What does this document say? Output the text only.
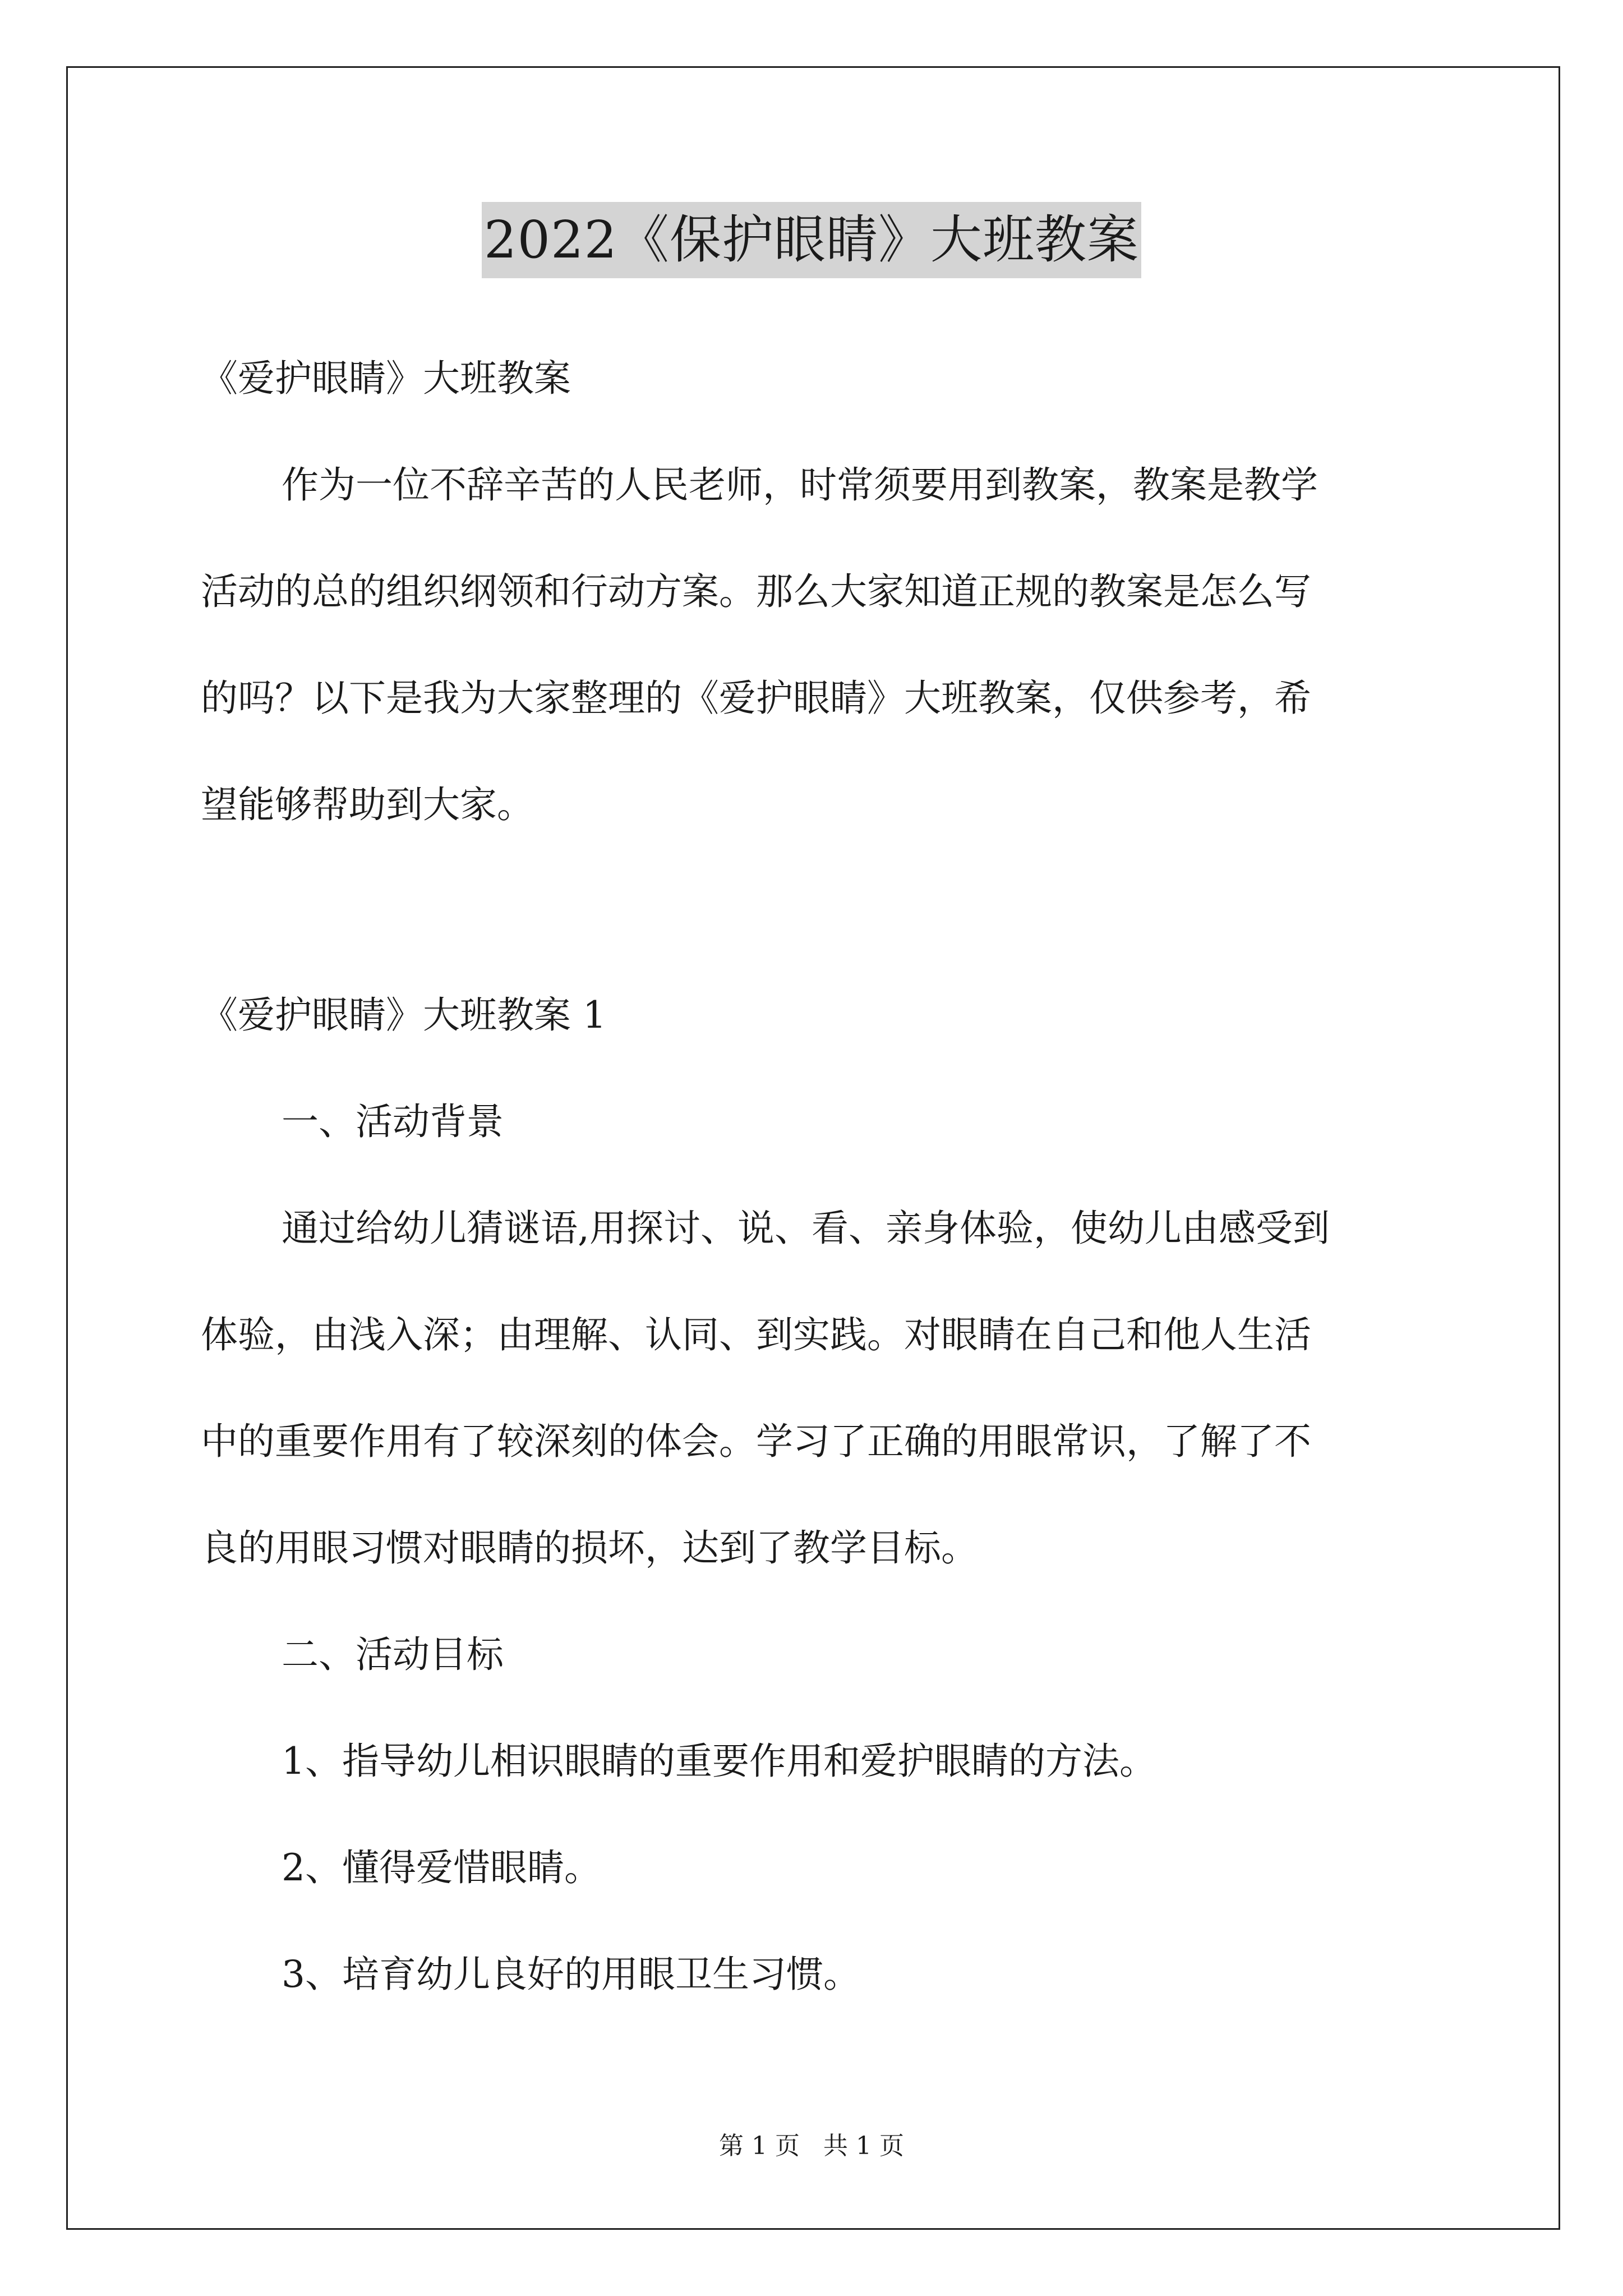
2022《保护眼睛》大班教案
《爱护眼睛》大班教案
作为一位不辞辛苦的人民老师，时常须要用到教案，教案是教学
活动的总的组织纲领和行动方案。那么大家知道正规的教案是怎么写
的吗？以下是我为大家整理的《爱护眼睛》大班教案，仅供参考，希
望能够帮助到大家。
《爱护眼睛》大班教案 1
一、活动背景
通过给幼儿猜谜语,用探讨、说、看、亲身体验，使幼儿由感受到
体验，由浅入深；由理解、认同、到实践。对眼睛在自己和他人生活
中的重要作用有了较深刻的体会。学习了正确的用眼常识，了解了不
良的用眼习惯对眼睛的损坏，达到了教学目标。
二、活动目标
1、指导幼儿相识眼睛的重要作用和爱护眼睛的方法。
2、懂得爱惜眼睛。
3、培育幼儿良好的用眼卫生习惯。
第 1 页   共 1 页
